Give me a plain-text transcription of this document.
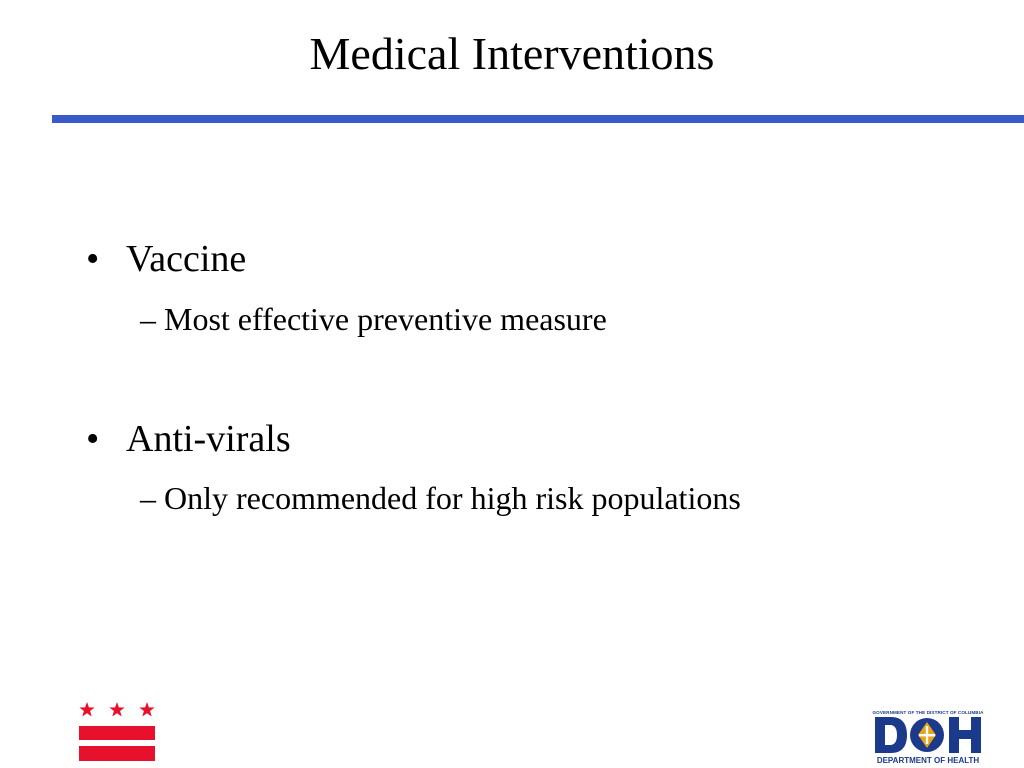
Medical Interventions
• Vaccine
– Most effective preventive measure
• Anti-virals
– Only recommended for high risk populations
GOVERNMENT OF THE DISTRICT OF COLUMBIA
DEPARTMENT OF HEALTH
